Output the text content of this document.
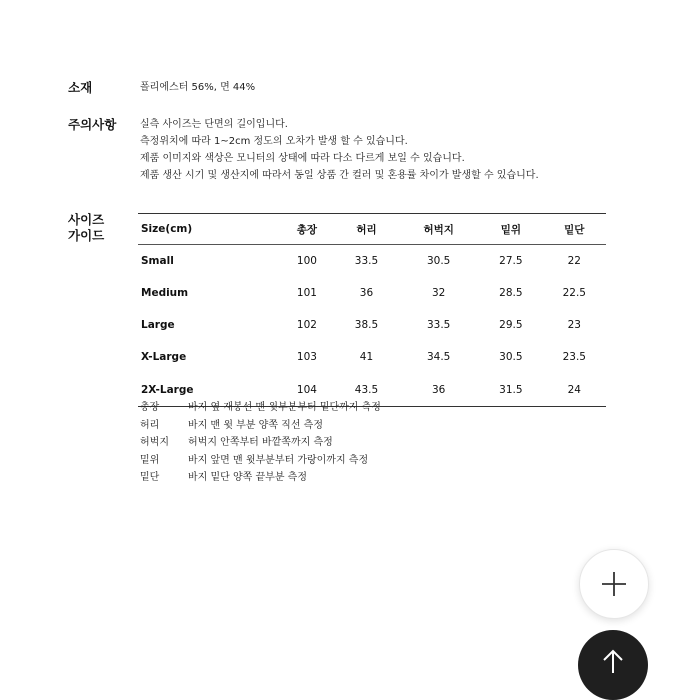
소재	폴리에스터 56%, 면 44%
주의사항 실측 사이즈는 단면의 길이입니다.
측정위치에 따라 1~2cm 정도의 오차가 발생 할 수 있습니다.
제품 이미지와 색상은 모니터의 상태에 따라 다소 다르게 보일 수 있습니다.
제품 생산 시기 및 생산지에 따라서 동일 상품 간 컬러 및 혼용률 차이가 발생할 수 있습니다.
사이즈
가이드	Size(cm)	총장	허리	허벅지	밑위	밑단
Small	100	33.5	30.5	27.5	22
Medium	101	36	32	28.5	22.5
Large	102	38.5	33.5	29.5	23
X-Large	103	41	34.5	30.5	23.5
2X-Large	104	43.5	36	31.5	24
총장	바지 옆 재봉선 맨 윗부분부터 밑단까지 측정
허리	바지 맨 윗 부분 양쪽 직선 측정
허벅지	허벅지 안쪽부터 바깥쪽까지 측정
밑위	바지 앞면 맨 윗부분부터 가랑이까지 측정
밑단	바지 밑단 양쪽 끝부분 측정
